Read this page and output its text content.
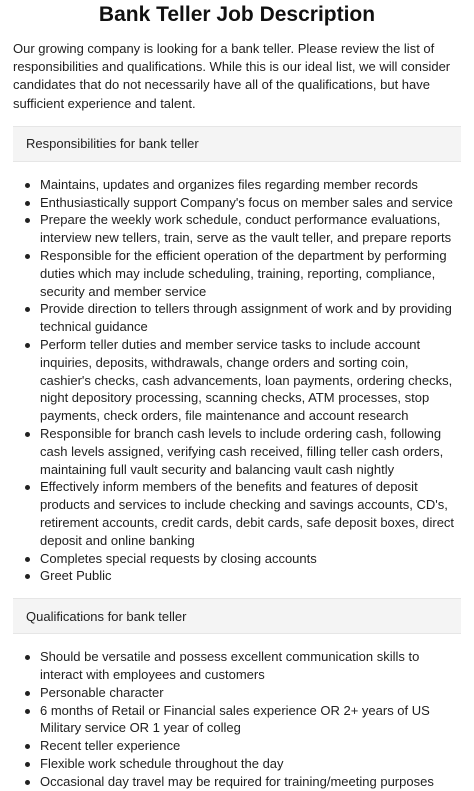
Bank Teller Job Description

Our growing company is looking for a bank teller. Please review the list of responsibilities and qualifications. While this is our ideal list, we will consider candidates that do not necessarily have all of the qualifications, but have sufficient experience and talent.

Responsibilities for bank teller
Maintains, updates and organizes files regarding member records
Enthusiastically support Company's focus on member sales and service
Prepare the weekly work schedule, conduct performance evaluations, interview new tellers, train, serve as the vault teller, and prepare reports
Responsible for the efficient operation of the department by performing duties which may include scheduling, training, reporting, compliance, security and member service
Provide direction to tellers through assignment of work and by providing technical guidance
Perform teller duties and member service tasks to include account inquiries, deposits, withdrawals, change orders and sorting coin, cashier's checks, cash advancements, loan payments, ordering checks, night depository processing, scanning checks, ATM processes, stop payments, check orders, file maintenance and account research
Responsible for branch cash levels to include ordering cash, following cash levels assigned, verifying cash received, filling teller cash orders, maintaining full vault security and balancing vault cash nightly
Effectively inform members of the benefits and features of deposit products and services to include checking and savings accounts, CD's, retirement accounts, credit cards, debit cards, safe deposit boxes, direct deposit and online banking
Completes special requests by closing accounts
Greet Public
Qualifications for bank teller
Should be versatile and possess excellent communication skills to interact with employees and customers
Personable character
6 months of Retail or Financial sales experience OR 2+ years of US Military service OR 1 year of colleg
Recent teller experience
Flexible work schedule throughout the day
Occasional day travel may be required for training/meeting purposes
